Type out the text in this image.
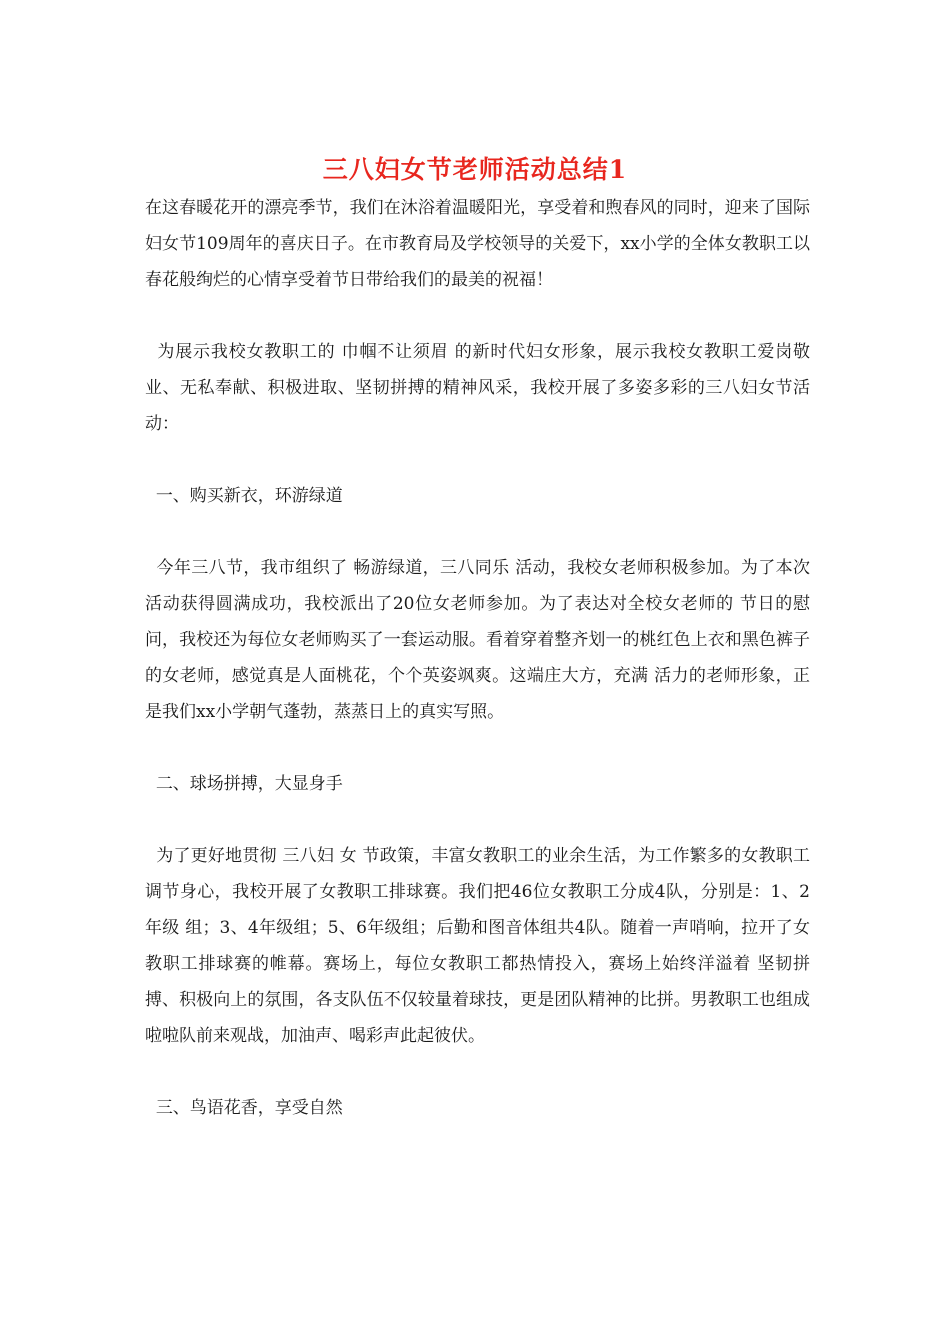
三八妇女节老师活动总结1

在这春暖花开的漂亮季节，我们在沐浴着温暖阳光，享受着和煦春风的同时，迎来了国际妇女节109周年的喜庆日子。在市教育局及学校领导的关爱下，xx小学的全体女教职工以春花般绚烂的心情享受着节日带给我们的最美的祝福！

为展示我校女教职工的 巾帼不让须眉 的新时代妇女形象，展示我校女教职工爱岗敬业、无私奉献、积极进取、坚韧拼搏的精神风采，我校开展了多姿多彩的三八妇女节活动：

一、购买新衣，环游绿道

今年三八节，我市组织了 畅游绿道，三八同乐 活动，我校女老师积极参加。为了本次活动获得圆满成功，我校派出了20位女老师参加。为了表达对全校女老师的 节日的慰问，我校还为每位女老师购买了一套运动服。看着穿着整齐划一的桃红色上衣和黑色裤子的女老师，感觉真是人面桃花，个个英姿飒爽。这端庄大方，充满 活力的老师形象，正是我们xx小学朝气蓬勃，蒸蒸日上的真实写照。

二、球场拼搏，大显身手

为了更好地贯彻 三八妇 女 节政策，丰富女教职工的业余生活，为工作繁多的女教职工调节身心，我校开展了女教职工排球赛。我们把46位女教职工分成4队，分别是：1、2年级 组；3、4年级组；5、6年级组；后勤和图音体组共4队。随着一声哨响，拉开了女教职工排球赛的帷幕。赛场上，每位女教职工都热情投入，赛场上始终洋溢着 坚韧拼搏、积极向上的氛围，各支队伍不仅较量着球技，更是团队精神的比拼。男教职工也组成啦啦队前来观战，加油声、喝彩声此起彼伏。

三、鸟语花香，享受自然
